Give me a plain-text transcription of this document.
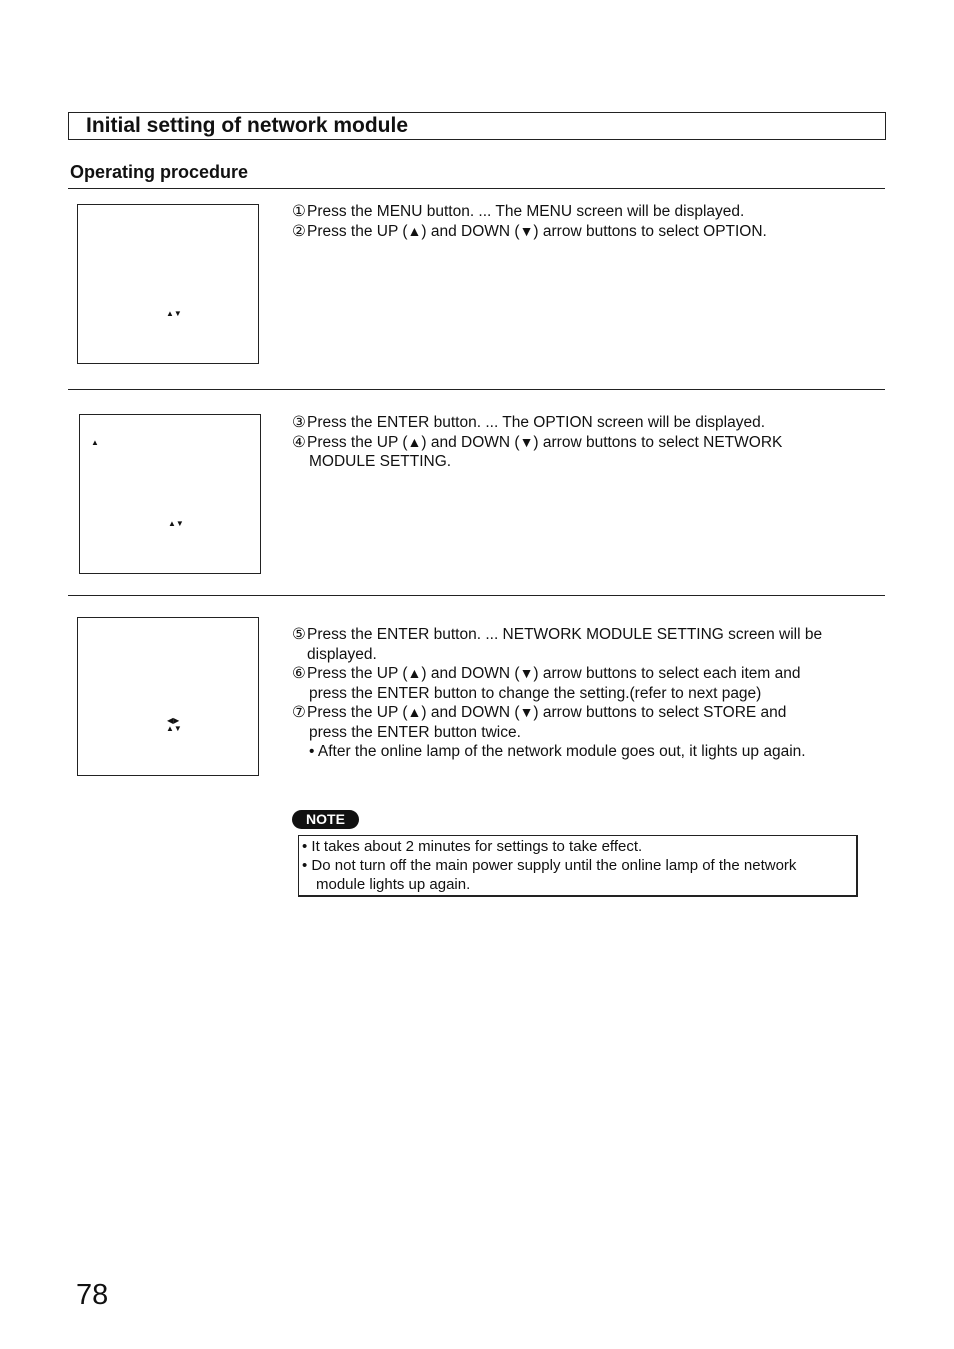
Initial setting of network module
Operating procedure
▲▼
▲
▲▼
◀▶
▲▼
①Press the MENU button. ... The MENU screen will be displayed.
②Press the UP (▲) and DOWN (▼) arrow buttons to select OPTION.
③Press the ENTER button. ... The OPTION screen will be displayed.
④Press the UP (▲) and DOWN (▼) arrow buttons to select NETWORK
MODULE SETTING.
⑤Press the ENTER button. ... NETWORK MODULE SETTING screen will be
displayed.
⑥Press the UP (▲) and DOWN (▼) arrow buttons to select each item and
press the ENTER button to change the setting.(refer to next page)
⑦Press the UP (▲) and DOWN (▼) arrow buttons to select STORE and
press the ENTER button twice.
• After the online lamp of the network module goes out, it lights up again.
NOTE
• It takes about 2 minutes for settings to take effect.
• Do not turn off the main power supply until the online lamp of the network
module lights up again.
78
